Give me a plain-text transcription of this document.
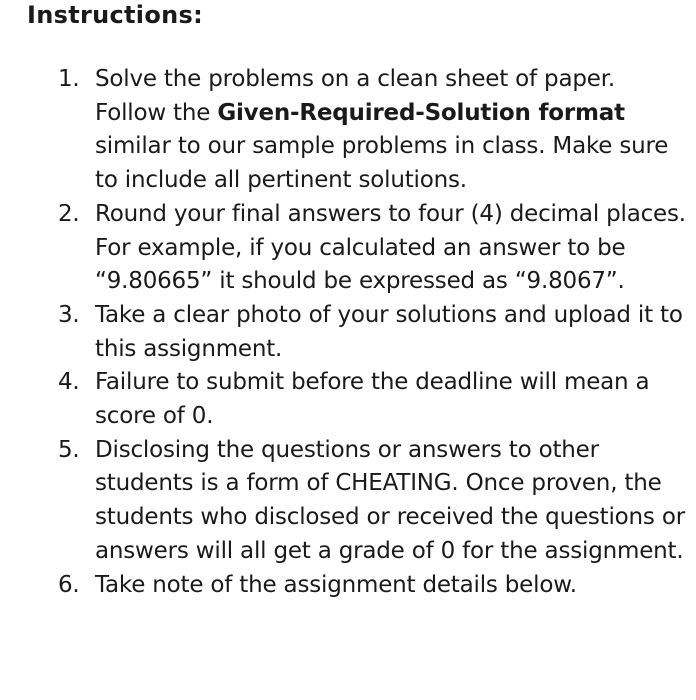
Instructions:
1. Solve the problems on a clean sheet of paper. Follow the Given-Required-Solution format similar to our sample problems in class. Make sure to include all pertinent solutions.
2. Round your final answers to four (4) decimal places. For example, if you calculated an answer to be “9.80665” it should be expressed as “9.8067”.
3. Take a clear photo of your solutions and upload it to this assignment.
4. Failure to submit before the deadline will mean a score of 0.
5. Disclosing the questions or answers to other students is a form of CHEATING. Once proven, the students who disclosed or received the questions or answers will all get a grade of 0 for the assignment.
6. Take note of the assignment details below.
